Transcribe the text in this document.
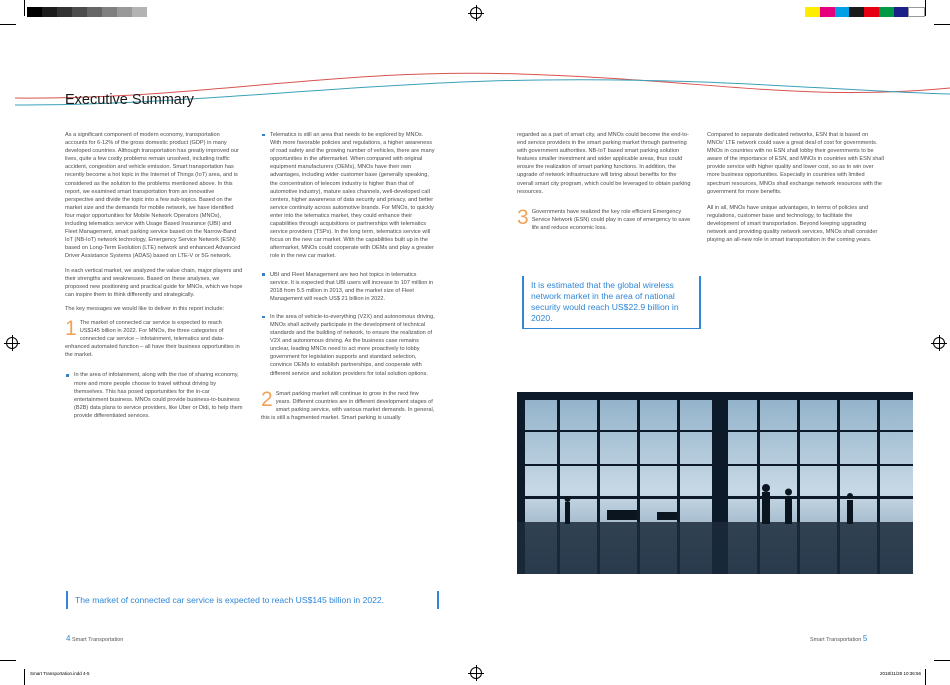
Executive Summary

As a significant component of modern economy, transportation accounts for 6-12% of the gross domestic product (GDP) in many developed countries. Although transportation has greatly improved our lives, quite a few costly problems remain unsolved, including traffic accident, congestion and vehicle emission. Smart transportation has recently become a hot topic in the Internet of Things (IoT) area, and is considered as the solution to the problems mentioned above. In this report, we examined smart transportation from an innovative perspective and divide the topic into a few sub-topics. Based on the market size and the demands for mobile network, we have identified four major opportunities for Mobile Network Operators (MNOs), including telematics service with Usage Based Insurance (UBI) and Fleet Management, smart parking service based on the Narrow-Band IoT (NB-IoT) network technology, Emergency Service Network (ESN) based on Long-Term Evolution (LTE) network and enhanced Advanced Driver Assistance Systems (ADAS) based on LTE-V or 5G network.

In each vertical market, we analyzed the value chain, major players and their strengths and weaknesses. Based on these analyses, we proposed new positioning and practical guide for MNOs, which we hope can inspire them to think differently and strategically.

The key messages we would like to deliver in this report include:

1 The market of connected car service is expected to reach US$145 billion in 2022. For MNOs, the three categories of connected car service – infotainment, telematics and data-enhanced automated function – all have their business opportunities in the market.
In the area of infotainment, along with the rise of sharing economy, more and more people choose to travel without driving by themselves. This has posed opportunities for the in-car entertainment business. MNOs could provide business-to-business (B2B) data plans to service providers, like Uber or Didi, to help them provide differentiated services.
Telematics is still an area that needs to be explored by MNOs. With more favorable policies and regulations, a higher awareness of road safety and the growing number of vehicles, there are many opportunities in the aftermarket. When compared with original equipment manufacturers (OEMs), MNOs have their own advantages, including wider customer base (generally speaking, the concentration of telecom industry is higher than that of automotive industry), mature sales channels, well-developed call centers, higher awareness of data security and privacy, and better service continuity across automotive brands. For MNOs, to quickly enter into the telematics market, they could enhance their capabilities through acquisitions or partnerships with telematics service providers (TSPs). In the long term, telematics service will focus on the new car market. With the capabilities built up in the aftermarket, MNOs could cooperate with OEMs and play a greater role in the new car market.
UBI and Fleet Management are two hot topics in telematics service. It is expected that UBI users will increase to 107 million in 2018 from 5.5 million in 2013, and the market size of Fleet Management will reach US$ 21 billion in 2022.
In the area of vehicle-to-everything (V2X) and autonomous driving, MNOs shall actively participate in the development of technical standards and the building of network, to ensure the realization of V2X and autonomous driving. As the business case remains unclear, leading MNOs need to act more proactively to lobby government for legislation supports and standard selection, convince OEMs to establish partnerships, and cooperate with different service and solution providers for total solution options.
2 Smart parking market will continue to grow in the next few years. Different countries are in different development stages of smart parking service, with various market demands. In general, this is still a fragmented market. Smart parking is usually

regarded as a part of smart city, and MNOs could become the end-to-end service providers in the smart parking market through partnering with government authorities. NB-IoT based smart parking solution features smaller investment and wider applicable areas, thus could ensure the realization of smart parking functions. In addition, the upgrade of network infrastructure will bring about benefits for the overall smart city program, which could be leveraged to obtain parking resources.

3 Governments have realized the key role efficient Emergency Service Network (ESN) could play in case of emergency to save life and reduce economic loss.
It is estimated that the global wireless network market in the area of national security would reach US$22.9 billion in 2020.

Compared to separate dedicated networks, ESN that is based on MNOs' LTE network could save a great deal of cost for governments. MNOs in countries with no ESN shall lobby their governments to be aware of the importance of ESN, and MNOs in countries with ESN shall provide service with higher quality and lower cost, so as to win over more business opportunities. Especially in countries with limited spectrum resources, MNOs shall exchange network resources with the government for more benefits.

All in all, MNOs have unique advantages, in terms of policies and regulations, customer base and technology, to facilitate the development of smart transportation. Beyond keeping upgrading network and providing quality network services, MNOs shall consider playing an all-new role in smart transportation in the coming years.

The market of connected car service is expected to reach US$145 billion in 2022.
4 Smart Transportation	Smart Transportation 5
Smart Transportation.indd 4-5	2018/11/28 10:36:56
